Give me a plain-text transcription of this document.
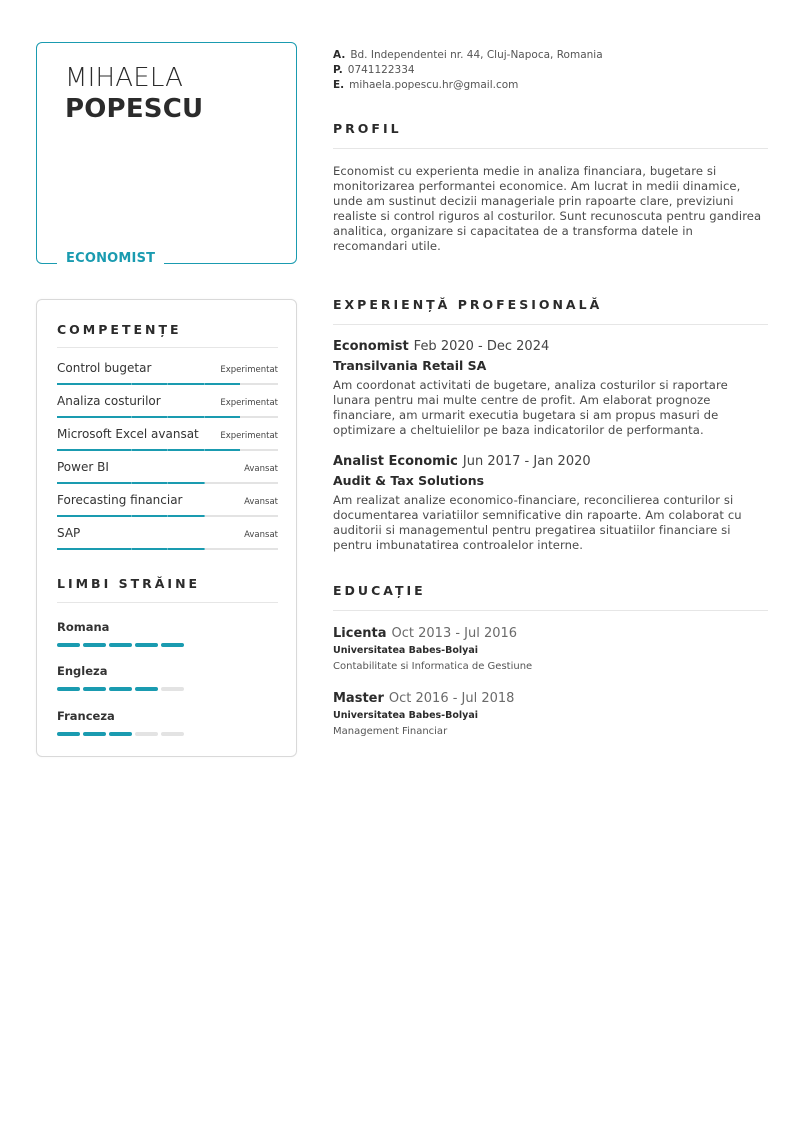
MIHAELA
POPESCU
ECONOMIST
COMPETENȚE
Control bugetar	Experimentat
Analiza costurilor	Experimentat
Microsoft Excel avansat	Experimentat
Power BI	Avansat
Forecasting financiar	Avansat
SAP	Avansat
LIMBI STRĂINE
Romana
Engleza
Franceza
A. Bd. Independentei nr. 44, Cluj-Napoca, Romania
P. 0741122334
E. mihaela.popescu.hr@gmail.com
PROFIL
Economist cu experienta medie in analiza financiara, bugetare si monitorizarea performantei economice. Am lucrat in medii dinamice, unde am sustinut decizii manageriale prin rapoarte clare, previziuni realiste si control riguros al costurilor. Sunt recunoscuta pentru gandirea analitica, organizare si capacitatea de a transforma datele in recomandari utile.
EXPERIENȚĂ PROFESIONALĂ
Economist Feb 2020 - Dec 2024
Transilvania Retail SA
Am coordonat activitati de bugetare, analiza costurilor si raportare lunara pentru mai multe centre de profit. Am elaborat prognoze financiare, am urmarit executia bugetara si am propus masuri de optimizare a cheltuielilor pe baza indicatorilor de performanta.
Analist Economic Jun 2017 - Jan 2020
Audit & Tax Solutions
Am realizat analize economico-financiare, reconcilierea conturilor si documentarea variatiilor semnificative din rapoarte. Am colaborat cu auditorii si managementul pentru pregatirea situatiilor financiare si pentru imbunatatirea controalelor interne.
EDUCAȚIE
Licenta Oct 2013 - Jul 2016
Universitatea Babes-Bolyai
Contabilitate si Informatica de Gestiune
Master Oct 2016 - Jul 2018
Universitatea Babes-Bolyai
Management Financiar
